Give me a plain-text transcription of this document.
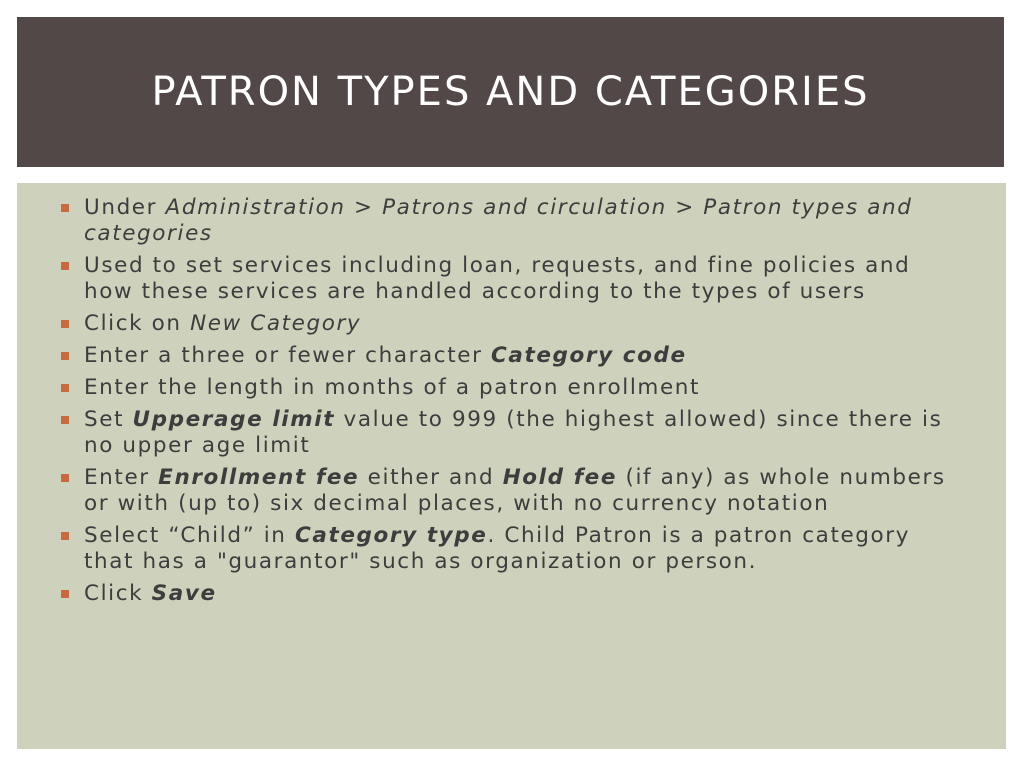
PATRON TYPES AND CATEGORIES
Under Administration > Patrons and circulation > Patron types and categories
Used to set services including loan, requests, and fine policies and how these services are handled according to the types of users
Click on New Category
Enter a three or fewer character Category code
Enter the length in months of a patron enrollment
Set Upperage limit value to 999 (the highest allowed) since there is no upper age limit
Enter Enrollment fee either and Hold fee (if any) as whole numbers or with (up to) six decimal places, with no currency notation
Select “Child” in Category type. Child Patron is a patron category that has a "guarantor" such as organization or person.
Click Save
